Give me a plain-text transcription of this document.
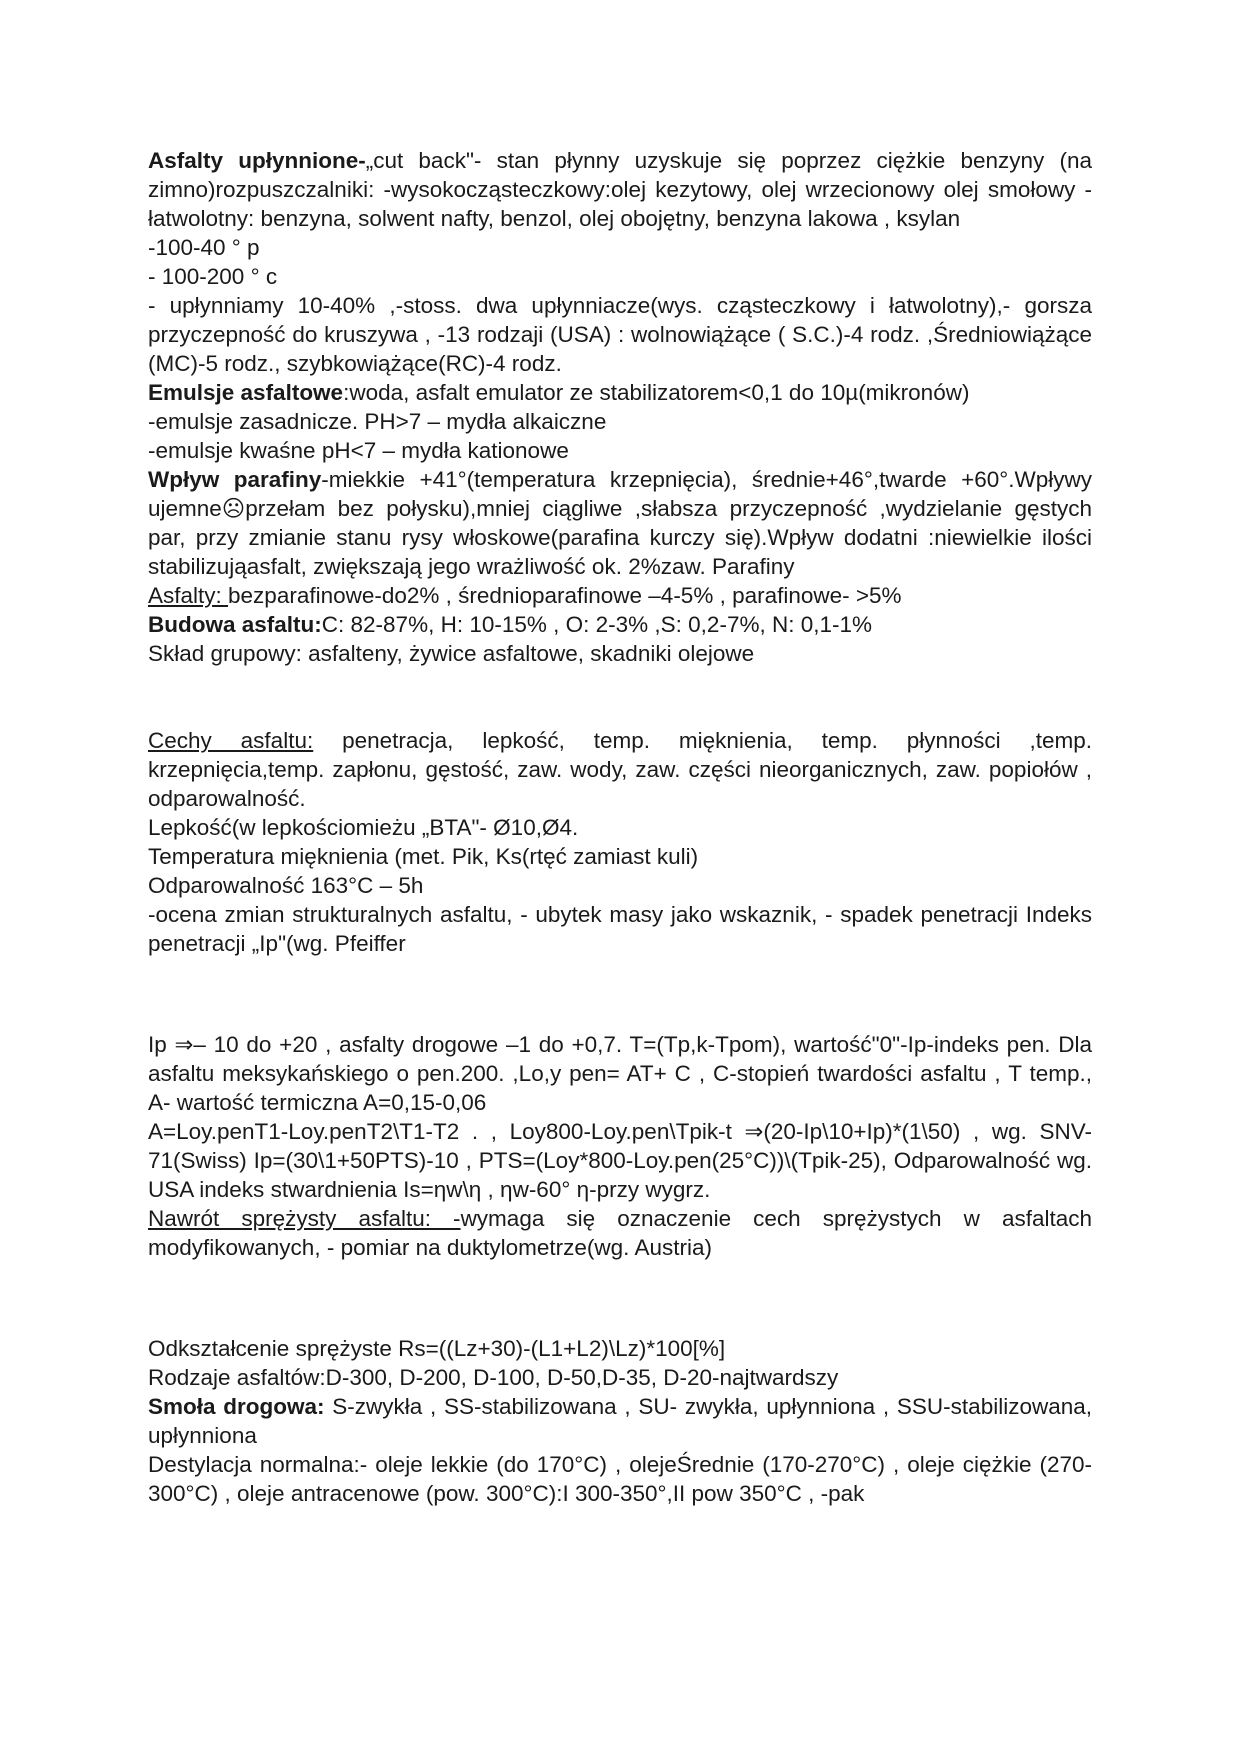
Asfalty upłynnione-„cut back"- stan płynny uzyskuje się poprzez ciężkie benzyny (na zimno)rozpuszczalniki: -wysokocząsteczkowy:olej kezytowy, olej wrzecionowy olej smołowy - łatwolotny: benzyna, solwent nafty, benzol, olej obojętny, benzyna lakowa , ksylan

-100-40 ° p

- 100-200 ° c

- upłynniamy 10-40% ,-stoss. dwa upłynniacze(wys. cząsteczkowy i łatwolotny),- gorsza przyczepność do kruszywa , -13 rodzaji (USA) : wolnowiążące ( S.C.)-4 rodz. ,Średniowiążące (MC)-5 rodz., szybkowiążące(RC)-4 rodz.

Emulsje asfaltowe:woda, asfalt emulator ze stabilizatorem<0,1 do 10µ(mikronów)

-emulsje zasadnicze. PH>7 – mydła alkaiczne

-emulsje kwaśne pH<7 – mydła kationowe

Wpływ parafiny-miekkie +41°(temperatura krzepnięcia), średnie+46°,twarde +60°.Wpływy ujemne☹przełam bez połysku),mniej ciągliwe ,słabsza przyczepność ,wydzielanie gęstych par, przy zmianie stanu rysy włoskowe(parafina kurczy się).Wpływ dodatni :niewielkie ilości stabilizująasfalt, zwiększają jego wrażliwość ok. 2%zaw. Parafiny

Asfalty: bezparafinowe-do2% , średnioparafinowe –4-5% , parafinowe- >5%

Budowa asfaltu:C: 82-87%, H: 10-15% , O: 2-3% ,S: 0,2-7%, N: 0,1-1%

Skład grupowy: asfalteny, żywice asfaltowe, skadniki olejowe

Cechy asfaltu: penetracja, lepkość, temp. mięknienia, temp. płynności ,temp. krzepnięcia,temp. zapłonu, gęstość, zaw. wody, zaw. części nieorganicznych, zaw. popiołów , odparowalność.

Lepkość(w lepkościomieżu „BTA"- Ø10,Ø4.

Temperatura mięknienia (met. Pik, Ks(rtęć zamiast kuli)

Odparowalność 163°C – 5h

-ocena zmian strukturalnych asfaltu, - ubytek masy jako wskaznik, - spadek penetracji Indeks penetracji „Ip"(wg. Pfeiffer

Ip ⇒– 10 do +20 , asfalty drogowe –1 do +0,7. T=(Tp,k-Tpom), wartość"0"-Ip-indeks pen. Dla asfaltu meksykańskiego o pen.200. ,Lo,y pen= AT+ C , C-stopień twardości asfaltu , T temp., A- wartość termiczna A=0,15-0,06

A=Loy.penT1-Loy.penT2\T1-T2 . , Loy800-Loy.pen\Tpik-t ⇒(20-Ip\10+Ip)*(1\50) , wg. SNV-71(Swiss) Ip=(30\1+50PTS)-10 , PTS=(Loy*800-Loy.pen(25°C))\(Tpik-25), Odparowalność wg. USA indeks stwardnienia Is=ηw\η , ηw-60° η-przy wygrz.

Nawrót sprężysty asfaltu: -wymaga się oznaczenie cech sprężystych w asfaltach modyfikowanych, - pomiar na duktylometrze(wg. Austria)

Odkształcenie sprężyste Rs=((Lz+30)-(L1+L2)\Lz)*100[%]

Rodzaje asfaltów:D-300, D-200, D-100, D-50,D-35, D-20-najtwardszy

Smoła drogowa: S-zwykła , SS-stabilizowana , SU- zwykła, upłynniona , SSU-stabilizowana, upłynniona

Destylacja normalna:- oleje lekkie (do 170°C) , olejeŚrednie (170-270°C) , oleje ciężkie (270-300°C) , oleje antracenowe (pow. 300°C):I 300-350°,II pow 350°C , -pak
